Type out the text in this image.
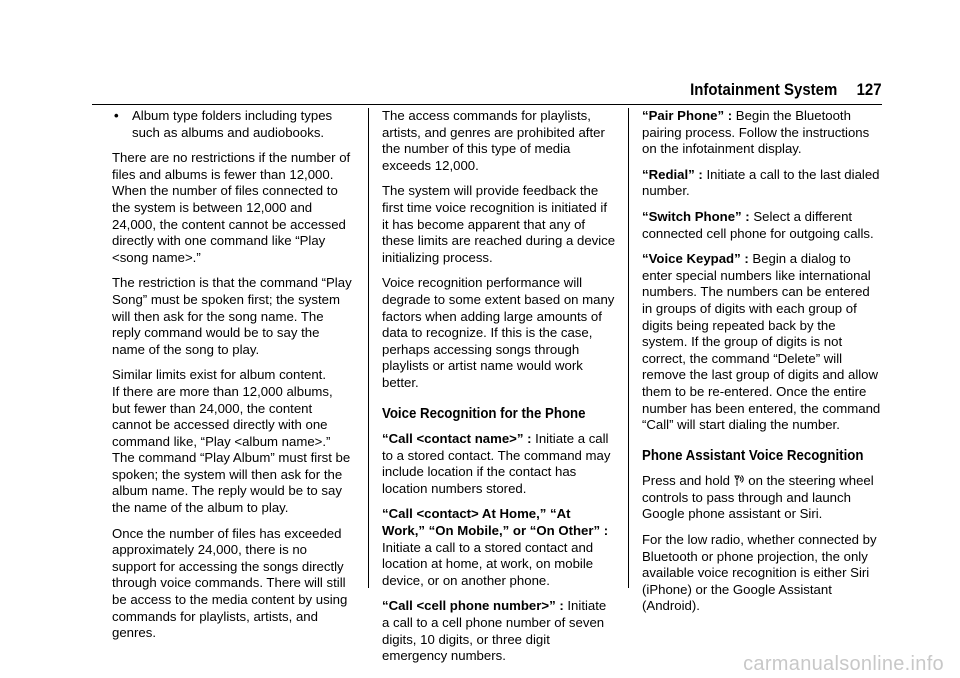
Infotainment System 127
• Album type folders including types such as albums and audiobooks.

There are no restrictions if the number of files and albums is fewer than 12,000. When the number of files connected to the system is between 12,000 and 24,000, the content cannot be accessed directly with one command like “Play <song name>.”

The restriction is that the command “Play Song” must be spoken first; the system will then ask for the song name. The reply command would be to say the name of the song to play.

Similar limits exist for album content.
If there are more than 12,000 albums, but fewer than 24,000, the content cannot be accessed directly with one command like, “Play <album name>.” The command “Play Album” must first be spoken; the system will then ask for the album name. The reply would be to say the name of the album to play.

Once the number of files has exceeded approximately 24,000, there is no support for accessing the songs directly through voice commands. There will still be access to the media content by using commands for playlists, artists, and genres.

The access commands for playlists, artists, and genres are prohibited after the number of this type of media exceeds 12,000.

The system will provide feedback the first time voice recognition is initiated if it has become apparent that any of these limits are reached during a device initializing process.

Voice recognition performance will degrade to some extent based on many factors when adding large amounts of data to recognize. If this is the case, perhaps accessing songs through playlists or artist name would work better.

Voice Recognition for the Phone

“Call <contact name>” : Initiate a call to a stored contact. The command may include location if the contact has location numbers stored.

“Call <contact> At Home,” “At Work,” “On Mobile,” or “On Other” : Initiate a call to a stored contact and location at home, at work, on mobile device, or on another phone.

“Call <cell phone number>” : Initiate a call to a cell phone number of seven digits, 10 digits, or three digit emergency numbers.

“Pair Phone” : Begin the Bluetooth pairing process. Follow the instructions on the infotainment display.

“Redial” : Initiate a call to the last dialed number.

“Switch Phone” : Select a different connected cell phone for outgoing calls.

“Voice Keypad” : Begin a dialog to enter special numbers like international numbers. The numbers can be entered in groups of digits with each group of digits being repeated back by the system. If the group of digits is not correct, the command “Delete” will remove the last group of digits and allow them to be re-entered. Once the entire number has been entered, the command “Call” will start dialing the number.

Phone Assistant Voice Recognition

Press and hold  on the steering wheel controls to pass through and launch Google phone assistant or Siri.

For the low radio, whether connected by Bluetooth or phone projection, the only available voice recognition is either Siri (iPhone) or the Google Assistant (Android).

carmanualsonline.info
